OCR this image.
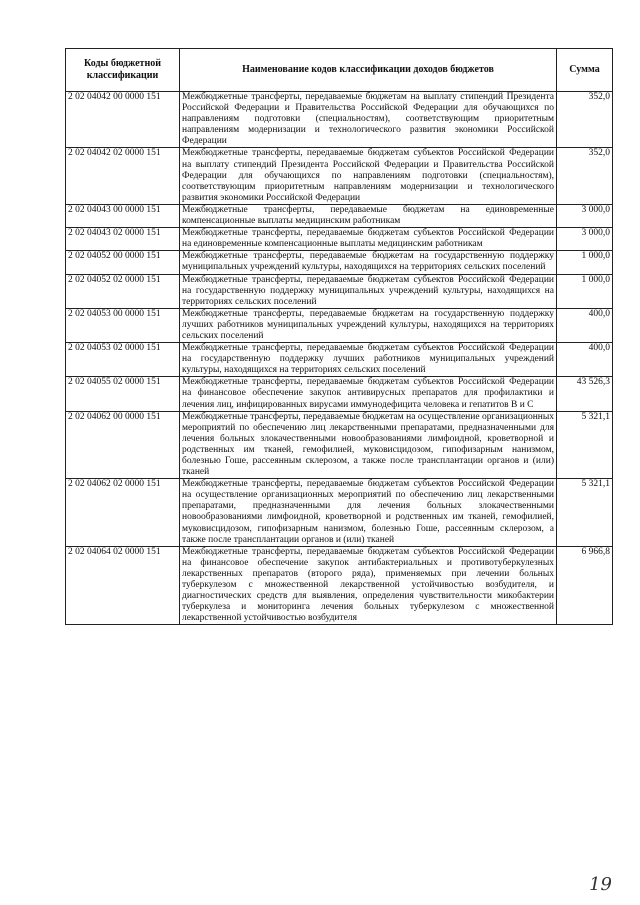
Коды бюджетной классификации	Наименование кодов классификации доходов бюджетов	Сумма
2 02 04042 00 0000 151	Межбюджетные трансферты, передаваемые бюджетам на выплату стипендий Президента Российской Федерации и Правительства Российской Федерации для обучающихся по направлениям подготовки (специальностям), соответствующим приоритетным направлениям модернизации и технологического развития экономики Российской Федерации	352,0
2 02 04042 02 0000 151	Межбюджетные трансферты, передаваемые бюджетам субъектов Российской Федерации на выплату стипендий Президента Российской Федерации и Правительства Российской Федерации для обучающихся по направлениям подготовки (специальностям), соответствующим приоритетным направлениям модернизации и технологического развития экономики Российской Федерации	352,0
2 02 04043 00 0000 151	Межбюджетные трансферты, передаваемые бюджетам на единовременные компенсационные выплаты медицинским работникам	3 000,0
2 02 04043 02 0000 151	Межбюджетные трансферты, передаваемые бюджетам субъектов Российской Федерации на единовременные компенсационные выплаты медицинским работникам	3 000,0
2 02 04052 00 0000 151	Межбюджетные трансферты, передаваемые бюджетам на государственную поддержку муниципальных учреждений культуры, находящихся на территориях сельских поселений	1 000,0
2 02 04052 02 0000 151	Межбюджетные трансферты, передаваемые бюджетам субъектов Российской Федерации на государственную поддержку муниципальных учреждений культуры, находящихся на территориях сельских поселений	1 000,0
2 02 04053 00 0000 151	Межбюджетные трансферты, передаваемые бюджетам на государственную поддержку лучших работников муниципальных учреждений культуры, находящихся на территориях сельских поселений	400,0
2 02 04053 02 0000 151	Межбюджетные трансферты, передаваемые бюджетам субъектов Российской Федерации на государственную поддержку лучших работников муниципальных учреждений культуры, находящихся на территориях сельских поселений	400,0
2 02 04055 02 0000 151	Межбюджетные трансферты, передаваемые бюджетам субъектов Российской Федерации на финансовое обеспечение закупок антивирусных препаратов для профилактики и лечения лиц, инфицированных вирусами иммунодефицита человека и гепатитов В и С	43 526,3
2 02 04062 00 0000 151	Межбюджетные трансферты, передаваемые бюджетам на осуществление организационных мероприятий по обеспечению лиц лекарственными препаратами, предназначенными для лечения больных злокачественными новообразованиями лимфоидной, кроветворной и родственных им тканей, гемофилией, муковисцидозом, гипофизарным нанизмом, болезнью Гоше, рассеянным склерозом, а также после трансплантации органов и (или) тканей	5 321,1
2 02 04062 02 0000 151	Межбюджетные трансферты, передаваемые бюджетам субъектов Российской Федерации на осуществление организационных мероприятий по обеспечению лиц лекарственными препаратами, предназначенными для лечения больных злокачественными новообразованиями лимфоидной, кроветворной и родственных им тканей, гемофилией, муковисцидозом, гипофизарным нанизмом, болезнью Гоше, рассеянным склерозом, а также после трансплантации органов и (или) тканей	5 321,1
2 02 04064 02 0000 151	Межбюджетные трансферты, передаваемые бюджетам субъектов Российской Федерации на финансовое обеспечение закупок антибактериальных и противотуберкулезных лекарственных препаратов (второго ряда), применяемых при лечении больных туберкулезом с множественной лекарственной устойчивостью возбудителя, и диагностических средств для выявления, определения чувствительности микобактерии туберкулеза и мониторинга лечения больных туберкулезом с множественной лекарственной устойчивостью возбудителя	6 966,8
19
